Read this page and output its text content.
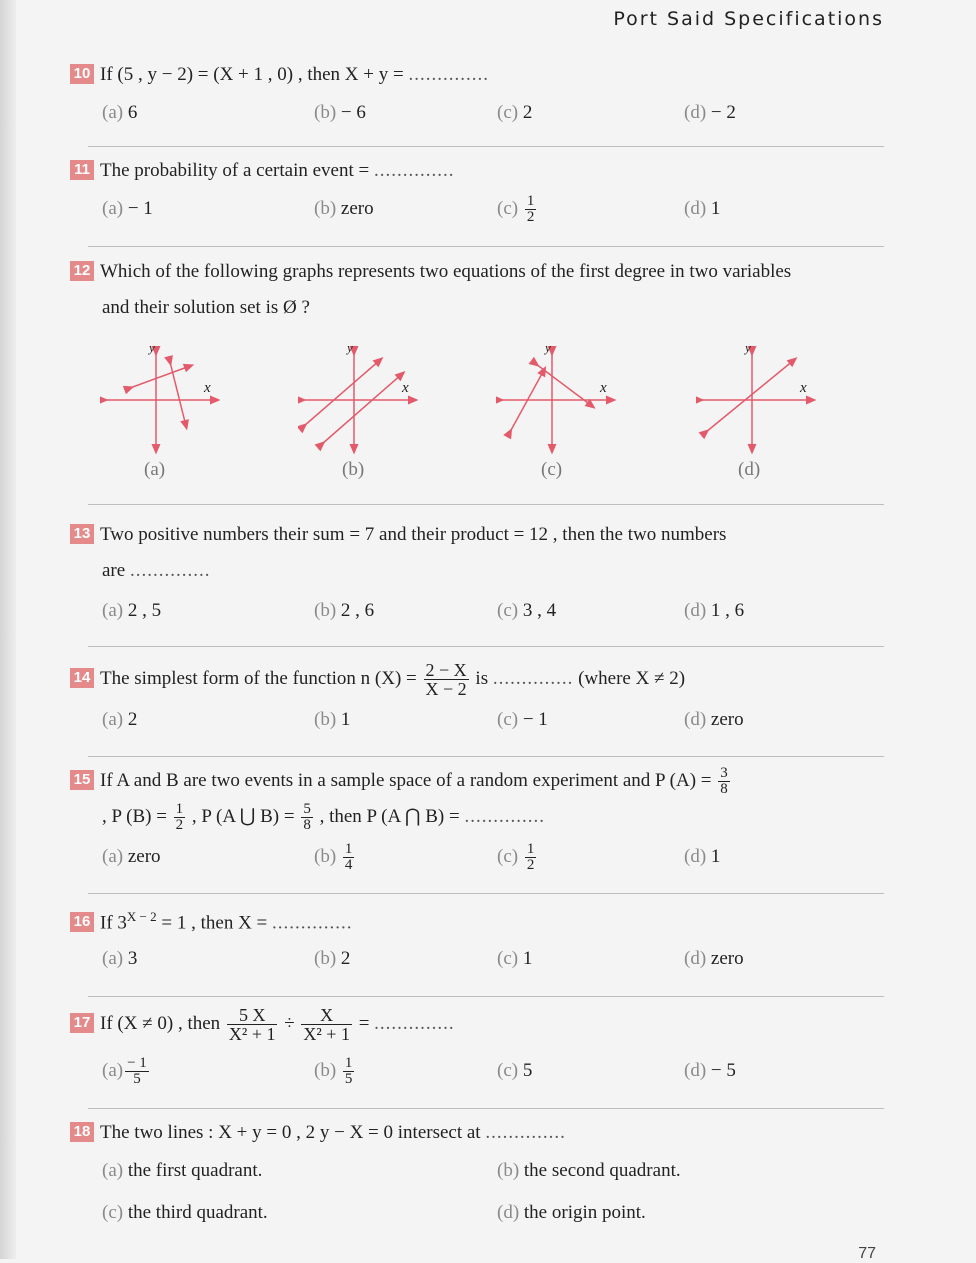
Port Said Specifications
10 If (5 , y − 2) = (X + 1 , 0) , then X + y = ..............
(a) 6	(b) − 6	(c) 2	(d) − 2
11 The probability of a certain event = ..............
(a) − 1	(b) zero	$(c) \frac{1}{2}$	(d) 1
12 Which of the following graphs represents two equations of the first degree in two variables
and their solution set is Ø ?
y
x
y
x
y
x
y
x
(a)	(b)	(c)	(d)
13 Two positive numbers their sum = 7 and their product = 12 , then the two numbers
are ..............
(a) 2 , 5	(b) 2 , 6	(c) 3 , 4	(d) 1 , 6
14 The simplest form of the function n $(X) = \frac{2 - X}{X - 2}$ is .............. (where X ≠ 2)
(a) 2	(b) 1	(c) − 1	(d) zero
15 If A and B are two events in a sample space of a random experiment and P $(A) = \frac{3}{8}$
, P $(B) = \frac{1}{2}$ , P (A ⋃ $B) = \frac{5}{8}$ , then P (A ⋂ B) = ..............
(a) zero	$(b) \frac{1}{4}$	$(c) \frac{1}{2}$	(d) 1
16 If $3^{X - 2} = 1$ , then X = ..............
(a) 3	(b) 2	(c) 1	(d) zero
17 If (X ≠ 0) , then $\frac{5 X}{\text{X² + 1}} \div \frac{X}{\text{X² + 1}}$ = ..............
$(a) \frac{- 1}{5}$	$(b) \frac{1}{5}$	(c) 5	(d) − 5
18 The two lines : X + y = 0 , 2 y − X = 0 intersect at ..............
(a) the first quadrant.	(b) the second quadrant.
(c) the third quadrant.	(d) the origin point.
77
